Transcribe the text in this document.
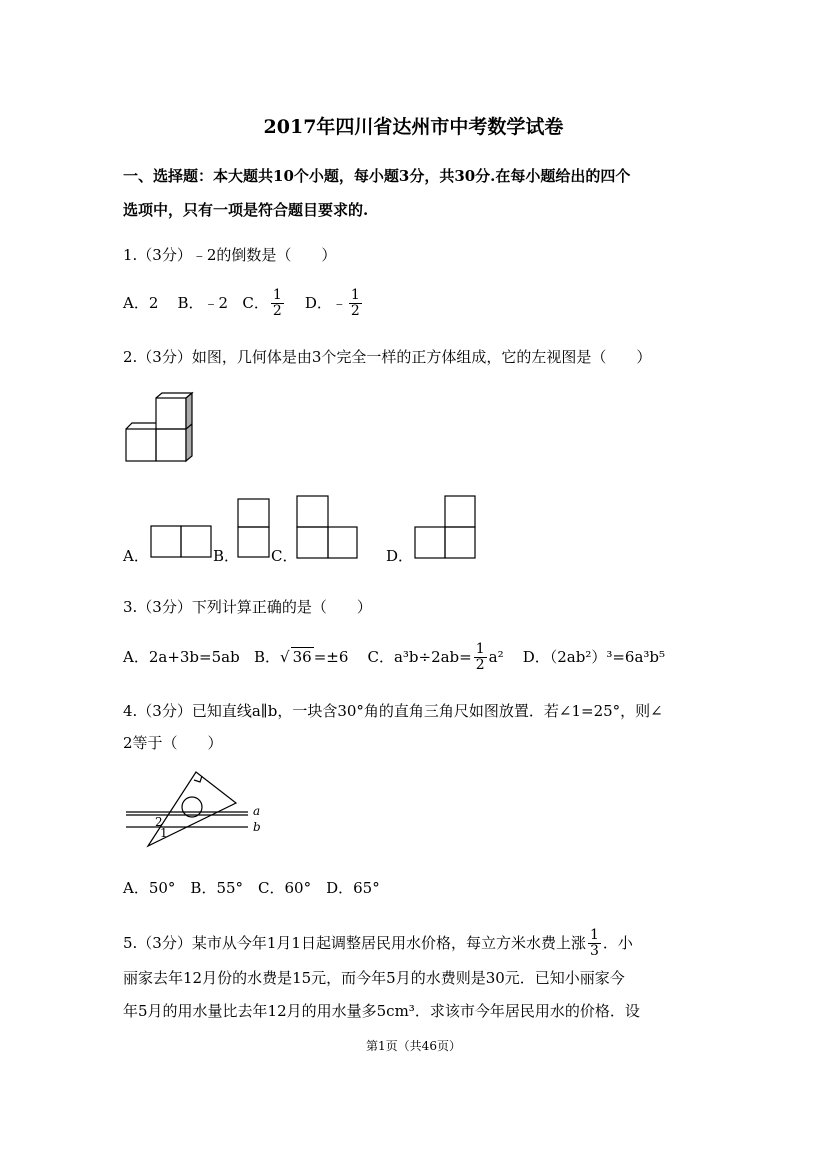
2017年四川省达州市中考数学试卷
一、选择题：本大题共10个小题，每小题3分，共30分.在每小题给出的四个
选项中，只有一项是符合题目要求的.
1.（3分）﹣2的倒数是（　　）
A．2 B．﹣2 C． $\frac{1}{2}$ D．﹣ $\frac{1}{2}$
2.（3分）如图，几何体是由3个完全一样的正方体组成，它的左视图是（　　）
A．	B． C．	D．
3.（3分）下列计算正确的是（　　）
A．2a+3b=5ab B．√ 36 =±6 C．$a^3b\div 2ab= \frac{1}{2} a^2$ D．（2ab²）³=6a³b⁵
4.（3分）已知直线a∥b，一块含30°角的直角三角尺如图放置．若∠1=25°，则∠
2等于（　　）
a
b
2
1
A．50°　B．55°　C．60°　D．65°
5.（3分）某市从今年1月1日起调整居民用水价格，每立方米水费上涨 $\frac{1}{3}$ ．小
丽家去年12月份的水费是15元，而今年5月的水费则是30元．已知小丽家今
年5月的用水量比去年12月的用水量多5cm³．求该市今年居民用水的价格．设
第1页（共46页）
